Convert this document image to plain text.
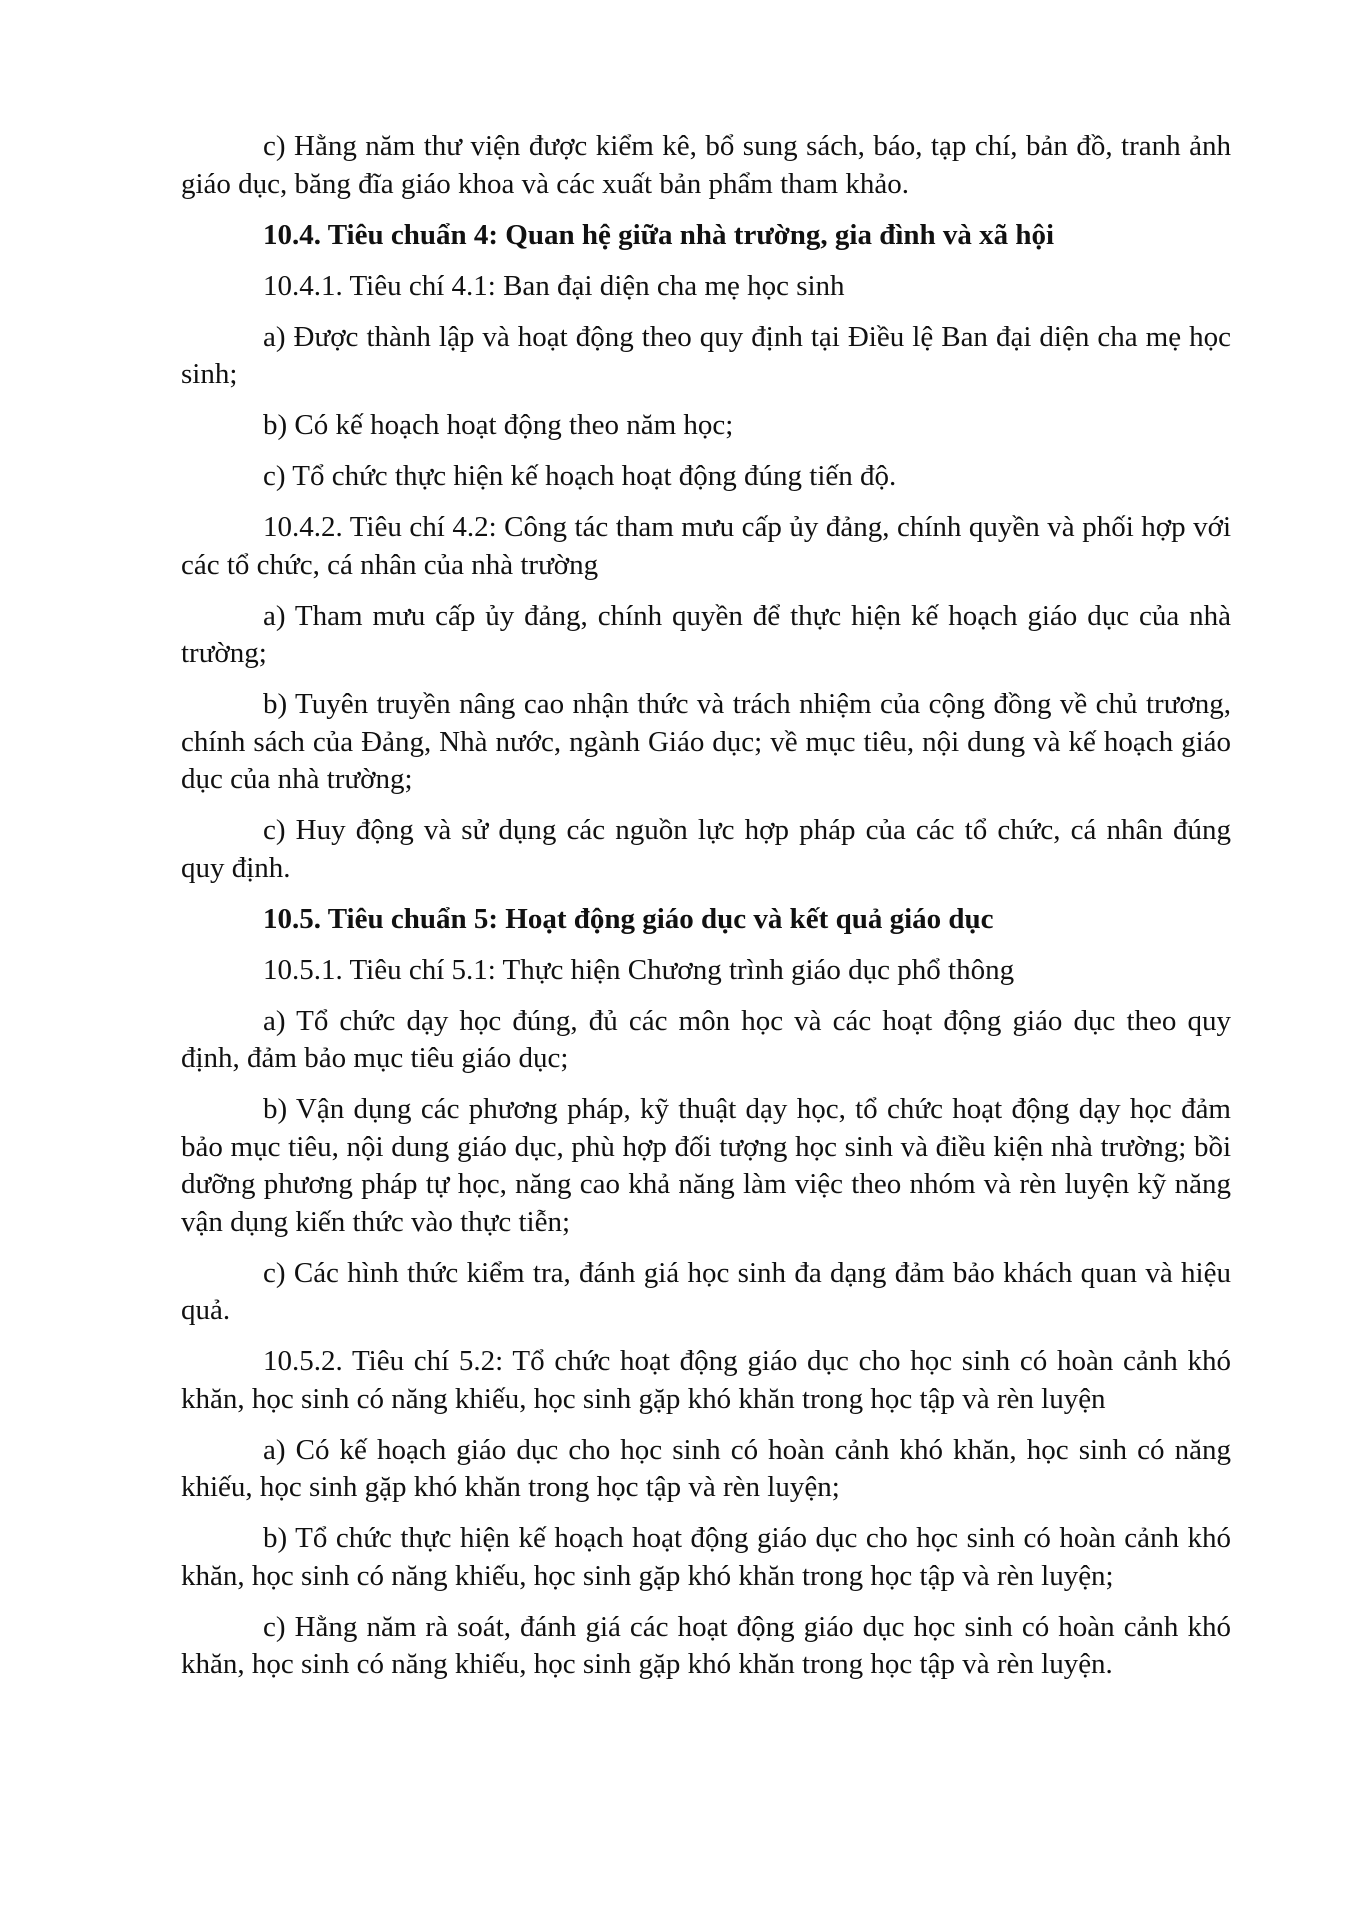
c) Hằng năm thư viện được kiểm kê, bổ sung sách, báo, tạp chí, bản đồ, tranh ảnh giáo dục, băng đĩa giáo khoa và các xuất bản phẩm tham khảo.

10.4. Tiêu chuẩn 4: Quan hệ giữa nhà trường, gia đình và xã hội

10.4.1. Tiêu chí 4.1: Ban đại diện cha mẹ học sinh

a) Được thành lập và hoạt động theo quy định tại Điều lệ Ban đại diện cha mẹ học sinh;

b) Có kế hoạch hoạt động theo năm học;

c) Tổ chức thực hiện kế hoạch hoạt động đúng tiến độ.

10.4.2. Tiêu chí 4.2: Công tác tham mưu cấp ủy đảng, chính quyền và phối hợp với các tổ chức, cá nhân của nhà trường

a) Tham mưu cấp ủy đảng, chính quyền để thực hiện kế hoạch giáo dục của nhà trường;

b) Tuyên truyền nâng cao nhận thức và trách nhiệm của cộng đồng về chủ trương, chính sách của Đảng, Nhà nước, ngành Giáo dục; về mục tiêu, nội dung và kế hoạch giáo dục của nhà trường;

c) Huy động và sử dụng các nguồn lực hợp pháp của các tổ chức, cá nhân đúng quy định.

10.5. Tiêu chuẩn 5: Hoạt động giáo dục và kết quả giáo dục

10.5.1. Tiêu chí 5.1: Thực hiện Chương trình giáo dục phổ thông

a) Tổ chức dạy học đúng, đủ các môn học và các hoạt động giáo dục theo quy định, đảm bảo mục tiêu giáo dục;

b) Vận dụng các phương pháp, kỹ thuật dạy học, tổ chức hoạt động dạy học đảm bảo mục tiêu, nội dung giáo dục, phù hợp đối tượng học sinh và điều kiện nhà trường; bồi dưỡng phương pháp tự học, năng cao khả năng làm việc theo nhóm và rèn luyện kỹ năng vận dụng kiến thức vào thực tiễn;

c) Các hình thức kiểm tra, đánh giá học sinh đa dạng đảm bảo khách quan và hiệu quả.

10.5.2. Tiêu chí 5.2: Tổ chức hoạt động giáo dục cho học sinh có hoàn cảnh khó khăn, học sinh có năng khiếu, học sinh gặp khó khăn trong học tập và rèn luyện

a) Có kế hoạch giáo dục cho học sinh có hoàn cảnh khó khăn, học sinh có năng khiếu, học sinh gặp khó khăn trong học tập và rèn luyện;

b) Tổ chức thực hiện kế hoạch hoạt động giáo dục cho học sinh có hoàn cảnh khó khăn, học sinh có năng khiếu, học sinh gặp khó khăn trong học tập và rèn luyện;

c) Hằng năm rà soát, đánh giá các hoạt động giáo dục học sinh có hoàn cảnh khó khăn, học sinh có năng khiếu, học sinh gặp khó khăn trong học tập và rèn luyện.
